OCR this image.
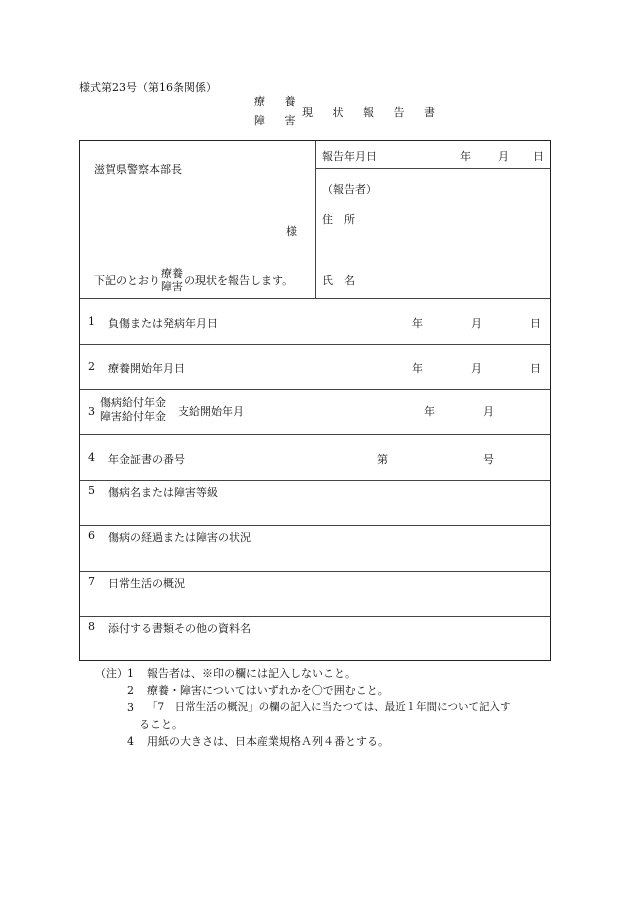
様式第23号（第16条関係）
療 養
障 害
現 状 報 告 書
滋賀県警察本部長
様
下記のとおり
療養
障害 の現状を報告します。
報告年月日	年 月 日
（報告者）
住　所
氏　名
1 負傷または発病年月日	年	月	日
2 療養開始年月日	年	月	日
3
傷病給付年金
障害給付年金 支給開始年月	年	月
4 年金証書の番号	第	号
5 傷病名または障害等級
6 傷病の経過または障害の状況
7 日常生活の概況
8 添付する書類その他の資料名
（注） 1 報告者は、※印の欄には記入しないこと。
2 療養・障害についてはいずれかを〇で囲むこと。
3 「7　日常生活の概況」の欄の記入に当たつては、最近１年間について記入す
ること。
4 用紙の大きさは、日本産業規格Ａ列４番とする。
